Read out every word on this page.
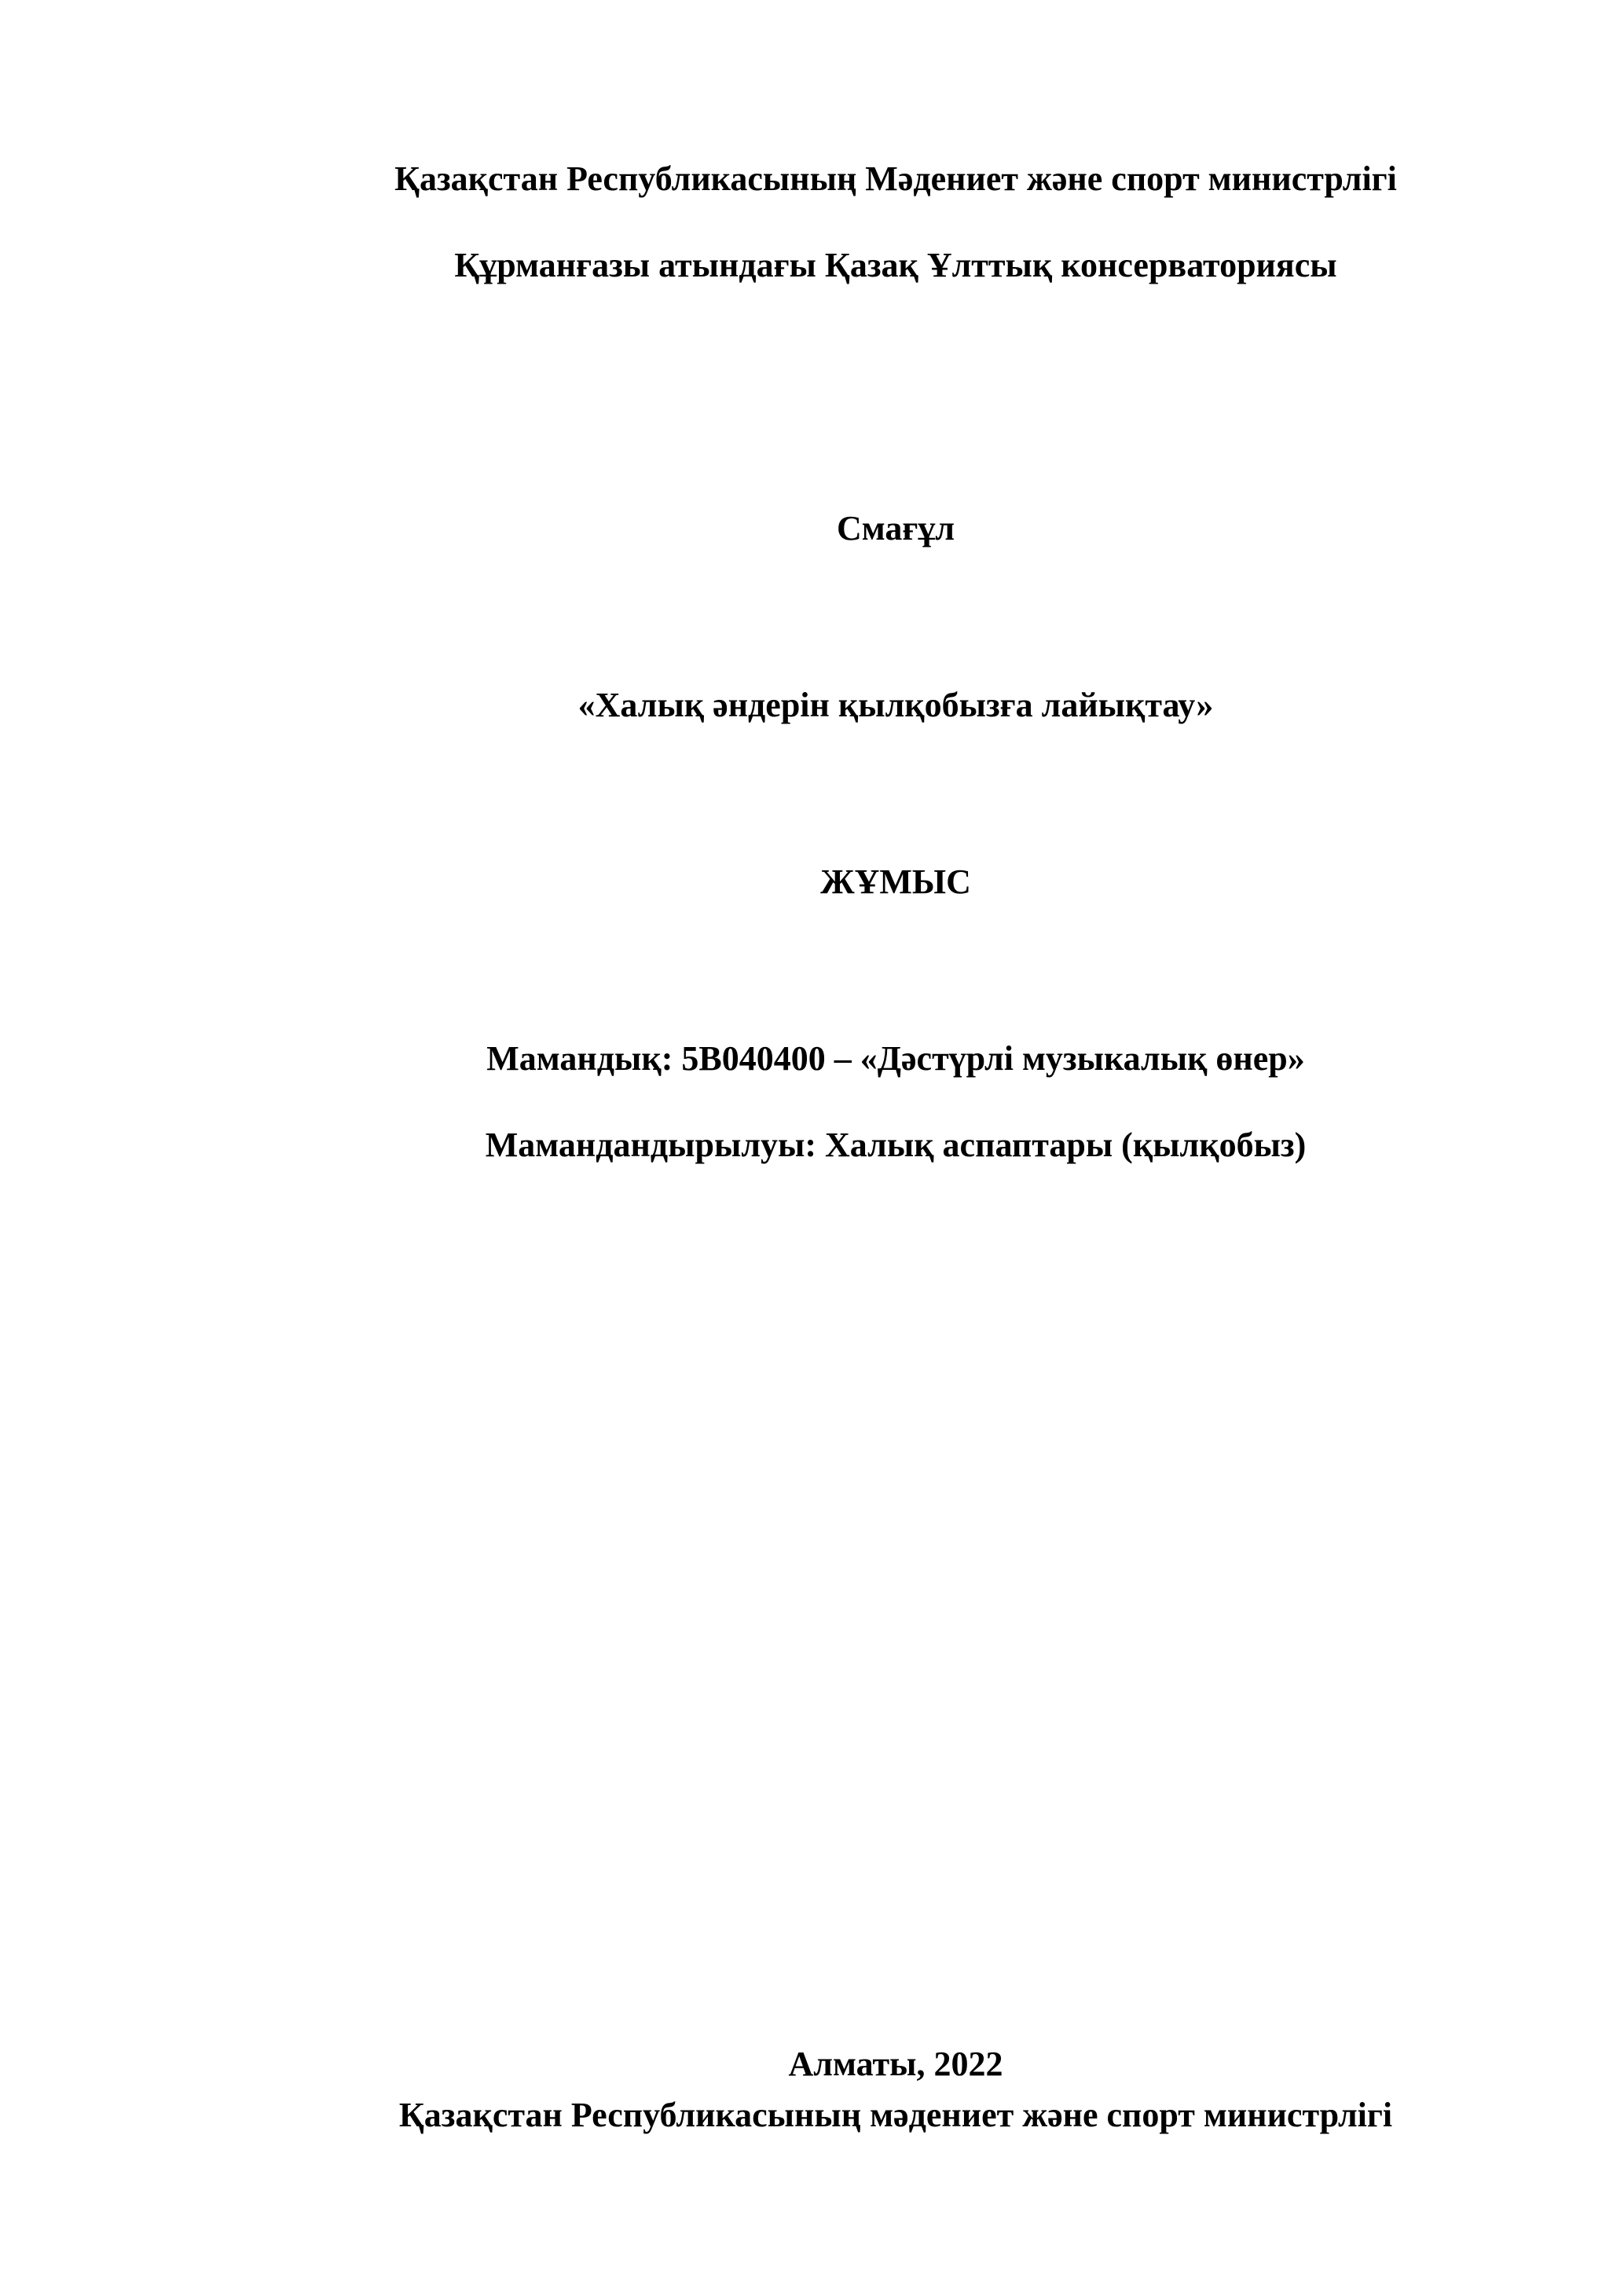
Қазақстан Республикасының Мәдениет және спорт министрлігі
Құрманғазы атындағы Қазақ Ұлттық консерваториясы
Смағұл
«Халық әндерін қылқобызға лайықтау»
ЖҰМЫС
Мамандық: 5В040400 – «Дәстүрлі музыкалық өнер»
Мамандандырылуы: Халық аспаптары (қылқобыз)
Алматы, 2022
Қазақстан Республикасының мәдениет және спорт министрлігі
